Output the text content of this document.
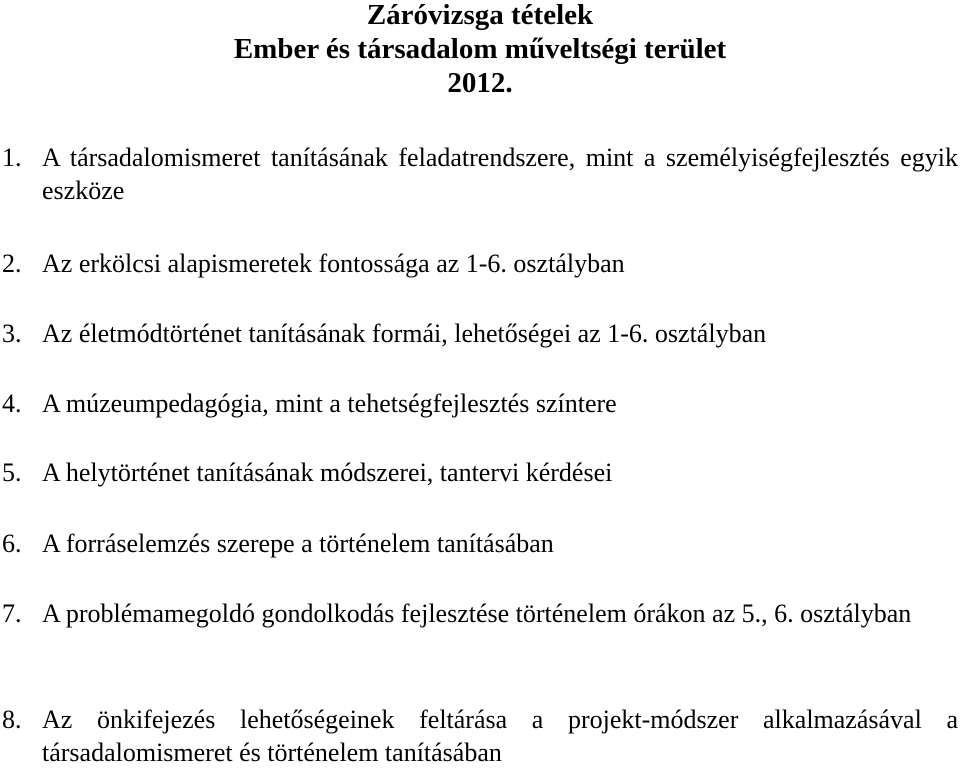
Záróvizsga tételek
Ember és társadalom műveltségi terület
2012.
1. A társadalomismeret tanításának feladatrendszere, mint a személyiségfejlesztés egyik eszköze
2. Az erkölcsi alapismeretek fontossága az 1-6. osztályban
3. Az életmódtörténet tanításának formái, lehetőségei az 1-6. osztályban
4. A múzeumpedagógia, mint a tehetségfejlesztés színtere
5. A helytörténet tanításának módszerei, tantervi kérdései
6. A forráselemzés szerepe a történelem tanításában
7. A problémamegoldó gondolkodás fejlesztése történelem órákon az 5., 6. osztályban
8. Az önkifejezés lehetőségeinek feltárása a projekt-módszer alkalmazásával a társadalomismeret és történelem tanításában
